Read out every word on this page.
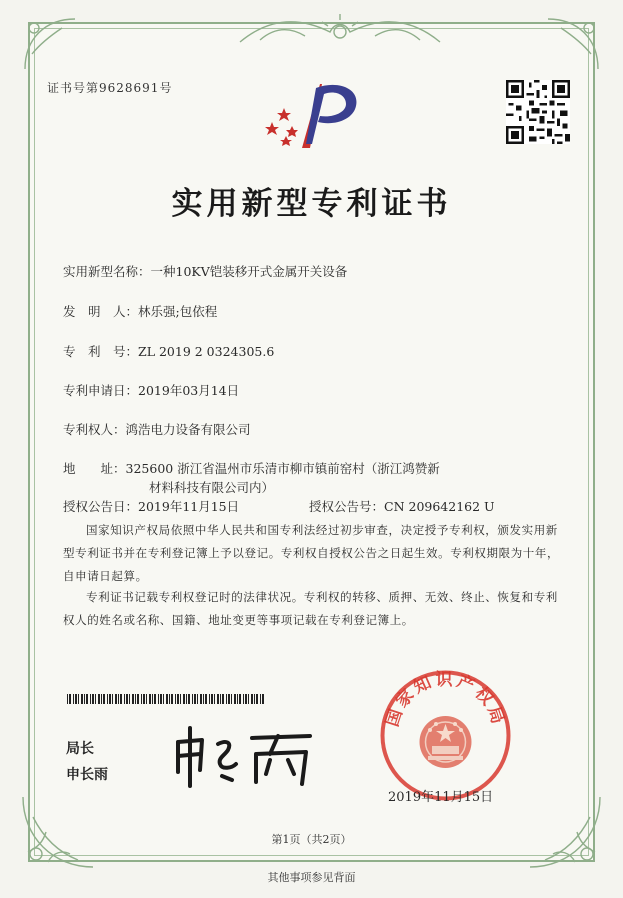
证书号第9628691号
实用新型专利证书
实用新型名称：一种10KV铠装移开式金属开关设备
发　明　人：林乐强;包依程
专　利　号：ZL 2019 2 0324305.6
专利申请日：2019年03月14日
专利权人：鸿浩电力设备有限公司
地　　址：325600 浙江省温州市乐清市柳市镇前窑村（浙江鸿赞新
材料科技有限公司内）
授权公告日：2019年11月15日	授权公告号：CN 209642162 U
国家知识产权局依照中华人民共和国专利法经过初步审查，决定授予专利权，颁发实用新型专利证书并在专利登记簿上予以登记。专利权自授权公告之日起生效。专利权期限为十年，自申请日起算。
专利证书记载专利权登记时的法律状况。专利权的转移、质押、无效、终止、恢复和专利权人的姓名或名称、国籍、地址变更等事项记载在专利登记簿上。
局长
申长雨
国家知识产权局
2019年11月15日
第1页（共2页）
其他事项参见背面
